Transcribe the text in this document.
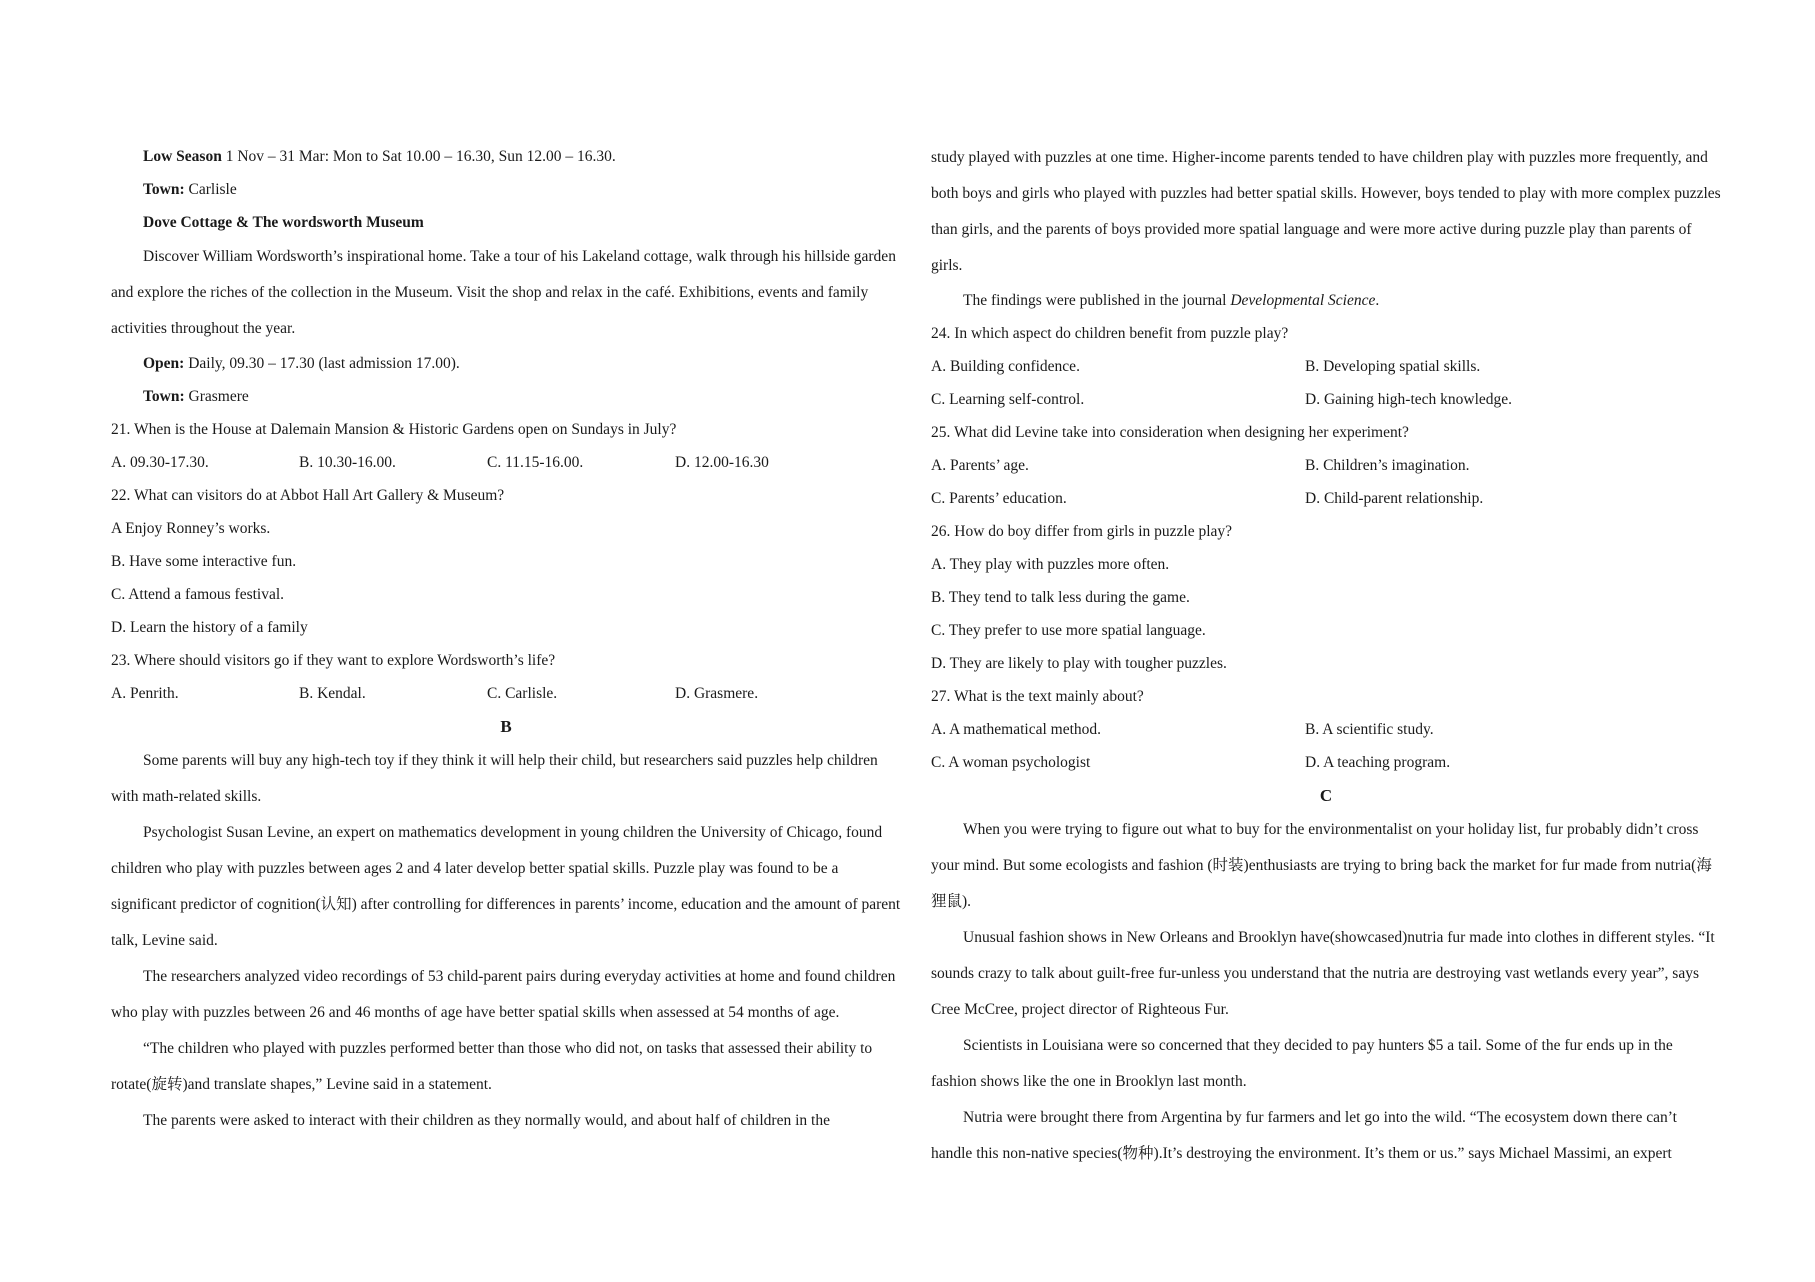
Low Season 1 Nov – 31 Mar: Mon to Sat 10.00 – 16.30, Sun 12.00 – 16.30.
Town: Carlisle
Dove Cottage & The wordsworth Museum

Discover William Wordsworth’s inspirational home. Take a tour of his Lakeland cottage, walk through his hillside garden and explore the riches of the collection in the Museum. Visit the shop and relax in the café. Exhibitions, events and family activities throughout the year.

Open: Daily, 09.30 – 17.30 (last admission 17.00).
Town: Grasmere
21. When is the House at Dalemain Mansion & Historic Gardens open on Sundays in July?
A. 09.30-17.30.	B. 10.30-16.00.	C. 11.15-16.00.	D. 12.00-16.30
22. What can visitors do at Abbot Hall Art Gallery & Museum?
A Enjoy Ronney’s works.
B. Have some interactive fun.
C. Attend a famous festival.
D. Learn the history of a family
23. Where should visitors go if they want to explore Wordsworth’s life?
A. Penrith.	B. Kendal.	C. Carlisle.	D. Grasmere.
B

Some parents will buy any high-tech toy if they think it will help their child, but researchers said puzzles help children with math-related skills.

Psychologist Susan Levine, an expert on mathematics development in young children the University of Chicago, found children who play with puzzles between ages 2 and 4 later develop better spatial skills. Puzzle play was found to be a significant predictor of cognition(认知) after controlling for differences in parents’ income, education and the amount of parent talk, Levine said.

The researchers analyzed video recordings of 53 child-parent pairs during everyday activities at home and found children who play with puzzles between 26 and 46 months of age have better spatial skills when assessed at 54 months of age.

“The children who played with puzzles performed better than those who did not, on tasks that assessed their ability to rotate(旋转)and translate shapes,” Levine said in a statement.

The parents were asked to interact with their children as they normally would, and about half of children in the

study played with puzzles at one time. Higher-income parents tended to have children play with puzzles more frequently, and both boys and girls who played with puzzles had better spatial skills. However, boys tended to play with more complex puzzles than girls, and the parents of boys provided more spatial language and were more active during puzzle play than parents of girls.

The findings were published in the journal Developmental Science.
24. In which aspect do children benefit from puzzle play?
A. Building confidence.	B. Developing spatial skills.
C. Learning self-control.	D. Gaining high-tech knowledge.
25. What did Levine take into consideration when designing her experiment?
A. Parents’ age.	B. Children’s imagination.
C. Parents’ education.	D. Child-parent relationship.
26. How do boy differ from girls in puzzle play?
A. They play with puzzles more often.
B. They tend to talk less during the game.
C. They prefer to use more spatial language.
D. They are likely to play with tougher puzzles.
27. What is the text mainly about?
A. A mathematical method.	B. A scientific study.
C. A woman psychologist	D. A teaching program.
C

When you were trying to figure out what to buy for the environmentalist on your holiday list, fur probably didn’t cross your mind. But some ecologists and fashion (时装)enthusiasts are trying to bring back the market for fur made from nutria(海狸鼠).

Unusual fashion shows in New Orleans and Brooklyn have(showcased)nutria fur made into clothes in different styles. “It sounds crazy to talk about guilt-free fur-unless you understand that the nutria are destroying vast wetlands every year”, says Cree McCree, project director of Righteous Fur.

Scientists in Louisiana were so concerned that they decided to pay hunters $5 a tail. Some of the fur ends up in the fashion shows like the one in Brooklyn last month.

Nutria were brought there from Argentina by fur farmers and let go into the wild. “The ecosystem down there can’t handle this non-native species(物种).It’s destroying the environment. It’s them or us.” says Michael Massimi, an expert
